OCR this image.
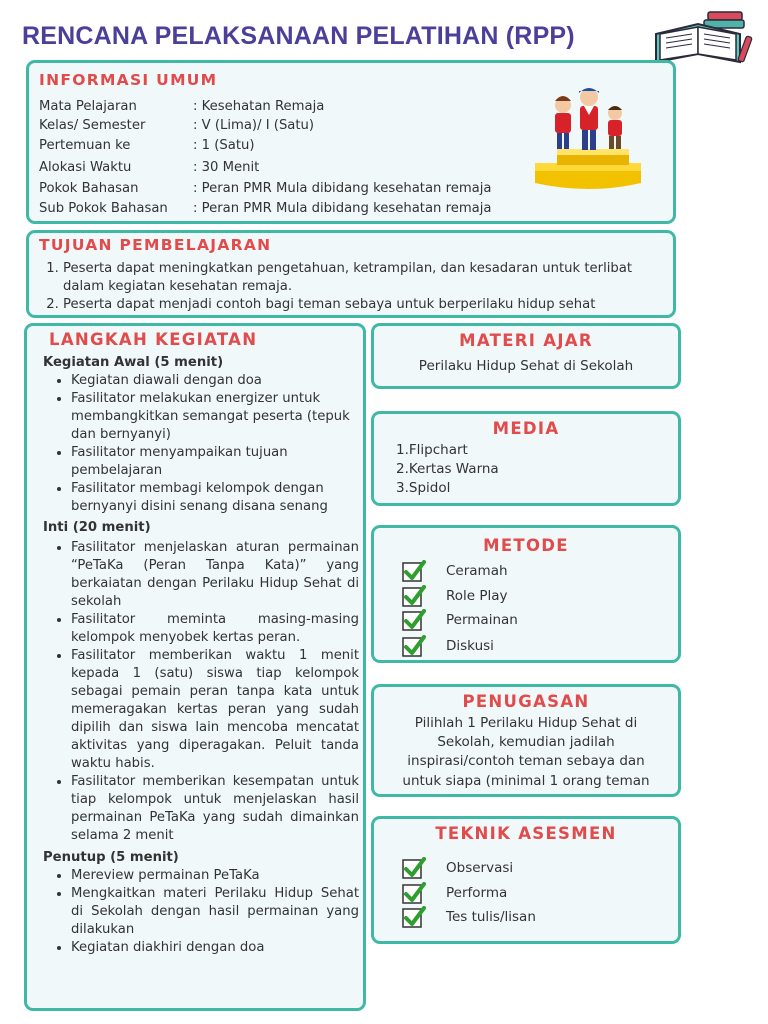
RENCANA PELAKSANAAN PELATIHAN (RPP)
INFORMASI UMUM
Mata Pelajaran	: Kesehatan Remaja
Kelas/ Semester	: V (Lima)/ I (Satu)
Pertemuan ke	: 1 (Satu)
Alokasi Waktu	: 30 Menit
Pokok Bahasan	: Peran PMR Mula dibidang kesehatan remaja
Sub Pokok Bahasan : Peran PMR Mula dibidang kesehatan remaja
TUJUAN PEMBELAJARAN
1. Peserta dapat meningkatkan pengetahuan, ketrampilan, dan kesadaran untuk terlibat dalam kegiatan kesehatan remaja.
2. Peserta dapat menjadi contoh bagi teman sebaya untuk berperilaku hidup sehat
LANGKAH KEGIATAN
Kegiatan Awal (5 menit)
• Kegiatan diawali dengan doa
• Fasilitator melakukan energizer untuk membangkitkan semangat peserta (tepuk dan bernyanyi)
• Fasilitator menyampaikan tujuan pembelajaran
• Fasilitator membagi kelompok dengan bernyanyi disini senang disana senang
Inti (20 menit)
• Fasilitator menjelaskan aturan permainan “PeTaKa (Peran Tanpa Kata)” yang berkaiatan dengan Perilaku Hidup Sehat di sekolah
• Fasilitator meminta masing-masing kelompok menyobek kertas peran.
• Fasilitator memberikan waktu 1 menit kepada 1 (satu) siswa tiap kelompok sebagai pemain peran tanpa kata untuk memeragakan kertas peran yang sudah dipilih dan siswa lain mencoba mencatat aktivitas yang diperagakan. Peluit tanda waktu habis.
• Fasilitator memberikan kesempatan untuk tiap kelompok untuk menjelaskan hasil permainan PeTaKa yang sudah dimainkan selama 2 menit
Penutup (5 menit)
• Mereview permainan PeTaKa
• Mengkaitkan materi Perilaku Hidup Sehat di Sekolah dengan hasil permainan yang dilakukan
• Kegiatan diakhiri dengan doa
MATERI AJAR
Perilaku Hidup Sehat di Sekolah
MEDIA
1.Flipchart
2.Kertas Warna
3.Spidol
METODE
Ceramah
Role Play
Permainan
Diskusi
PENUGASAN
Pilihlah 1 Perilaku Hidup Sehat di Sekolah, kemudian jadilah inspirasi/contoh teman sebaya dan untuk siapa (minimal 1 orang teman
TEKNIK ASESMEN
Observasi
Performa
Tes tulis/lisan
